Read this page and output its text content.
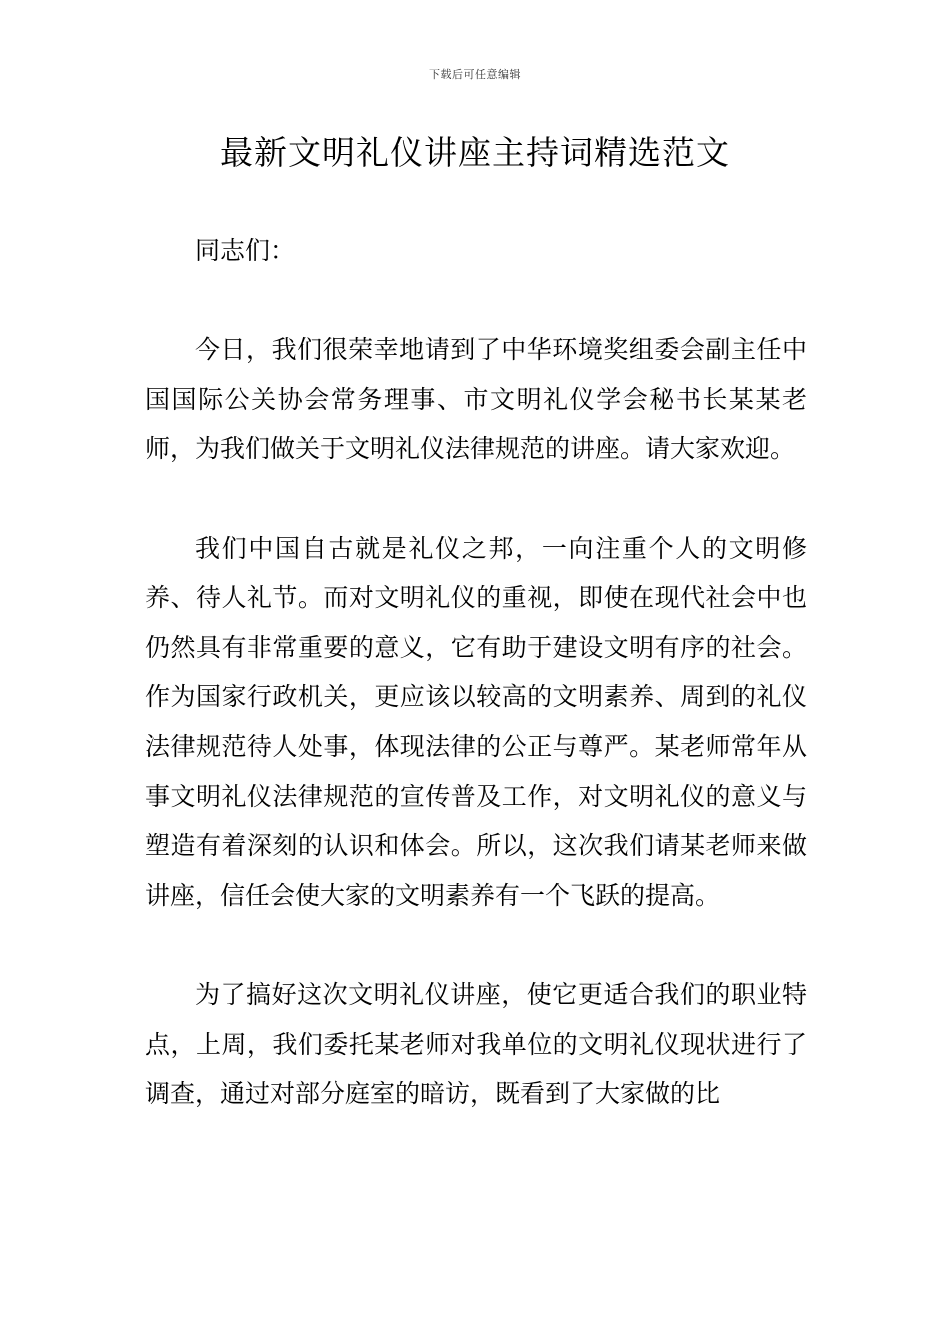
下载后可任意编辑
最新文明礼仪讲座主持词精选范文

同志们：

今日，我们很荣幸地请到了中华环境奖组委会副主任中国国际公关协会常务理事、市文明礼仪学会秘书长某某老师，为我们做关于文明礼仪法律规范的讲座。请大家欢迎。

我们中国自古就是礼仪之邦，一向注重个人的文明修养、待人礼节。而对文明礼仪的重视，即使在现代社会中也仍然具有非常重要的意义，它有助于建设文明有序的社会。作为国家行政机关，更应该以较高的文明素养、周到的礼仪法律规范待人处事，体现法律的公正与尊严。某老师常年从事文明礼仪法律规范的宣传普及工作，对文明礼仪的意义与塑造有着深刻的认识和体会。所以，这次我们请某老师来做讲座，信任会使大家的文明素养有一个飞跃的提高。

为了搞好这次文明礼仪讲座，使它更适合我们的职业特点，上周，我们委托某老师对我单位的文明礼仪现状进行了调查，通过对部分庭室的暗访，既看到了大家做的比
